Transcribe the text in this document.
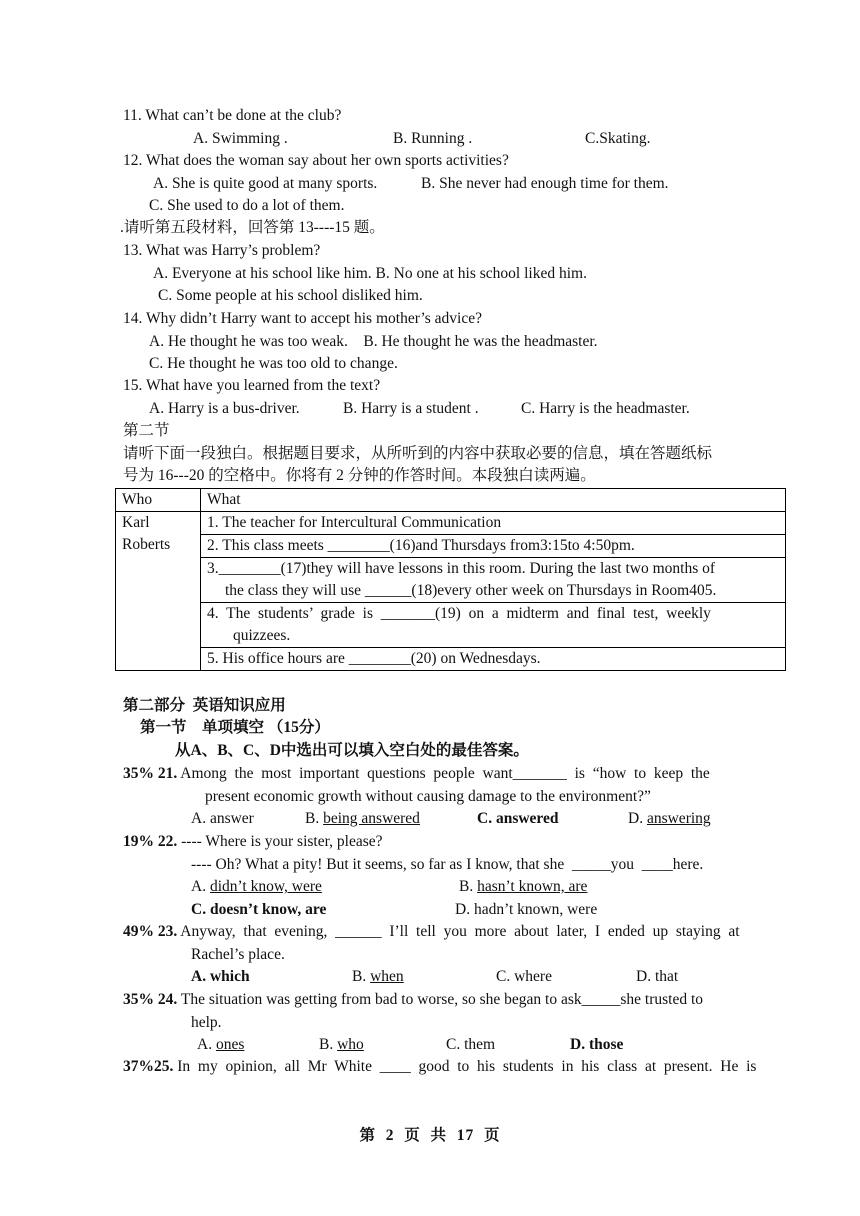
11. What can’t be done at the club?
A. Swimming .	B. Running .	C.Skating.
12. What does the woman say about her own sports activities?
A. She is quite good at many sports.	B. She never had enough time for them.
C. She used to do a lot of them.
.请听第五段材料，回答第 13----15 题。
13. What was Harry’s problem?
A. Everyone at his school like him. B. No one at his school liked him.
C. Some people at his school disliked him.
14. Why didn’t Harry want to accept his mother’s advice?
A. He thought he was too weak.    B. He thought he was the headmaster.
C. He thought he was too old to change.
15. What have you learned from the text?
A. Harry is a bus-driver.	B. Harry is a student .	C. Harry is the headmaster.
第二节
请听下面一段独白。根据题目要求，从所听到的内容中获取必要的信息，填在答题纸标
号为 16---20 的空格中。你将有 2 分钟的作答时间。本段独白读两遍。
Who	What

Karl
Roberts	1. The teacher for Intercultural Communication
	2. This class meets ________(16)and Thursdays from3:15to 4:50pm.

	3.________(17)they will have lessons in this room. During the last two months of
the class they will use ______(18)every other week on Thursdays in Room405.

	4.  The  students’  grade  is  _______(19)  on  a  midterm  and  final  test,  weekly
quizzees.

	5. His office hours are ________(20) on Wednesdays.
第二部分  英语知识应用
第一节    单项填空 （15分）
从A、B、C、D中选出可以填入空白处的最佳答案。
35% 21. Among  the  most  important  questions  people  want_______  is  “how  to  keep  the
present economic growth without causing damage to the environment?”
A. answer	B. being answered	C. answered	D. answering
19% 22. ---- Where is your sister, please?
---- Oh? What a pity! But it seems, so far as I know, that she  _____you  ____here.
A. didn’t know, were	B. hasn’t known, are
C. doesn’t know, are	D. hadn’t known, were
49% 23. Anyway,  that  evening,  ______  I’ll  tell  you  more  about  later,  I  ended  up  staying  at
Rachel’s place.
A. which	B. when	C. where	D. that
35% 24. The situation was getting from bad to worse, so she began to ask_____she trusted to
help.
A. ones	B. who	C. them	D. those
37%25. In  my  opinion,  all  Mr  White  ____  good  to  his  students  in  his  class  at  present.  He  is
第  2  页  共  17  页
